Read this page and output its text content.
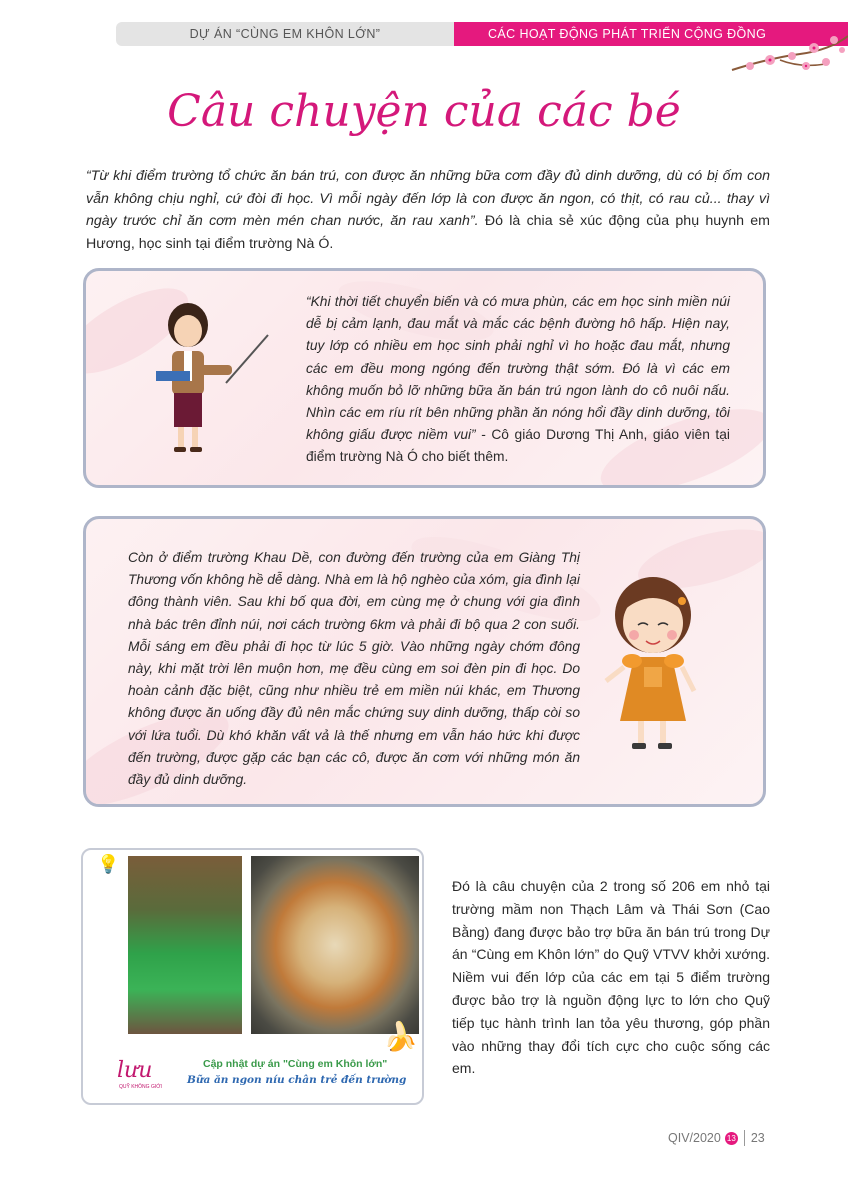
DỰ ÁN “CÙNG EM KHÔN LỚN”	CÁC HOẠT ĐỘNG PHÁT TRIỂN CỘNG ĐỒNG
Câu chuyện của các bé

“Từ khi điểm trường tổ chức ăn bán trú, con được ăn những bữa cơm đầy đủ dinh dưỡng, dù có bị ốm con vẫn không chịu nghỉ, cứ đòi đi học. Vì mỗi ngày đến lớp là con được ăn ngon, có thịt, có rau củ... thay vì ngày trước chỉ ăn cơm mèn mén chan nước, ăn rau xanh”. Đó là chia sẻ xúc động của phụ huynh em Hương, học sinh tại điểm trường Nà Ó.

“Khi thời tiết chuyển biến và có mưa phùn, các em học sinh miền núi dễ bị cảm lạnh, đau mắt và mắc các bệnh đường hô hấp. Hiện nay, tuy lớp có nhiều em học sinh phải nghỉ vì ho hoặc đau mắt, nhưng các em đều mong ngóng đến trường thật sớm. Đó là vì các em không muốn bỏ lỡ những bữa ăn bán trú ngon lành do cô nuôi nấu. Nhìn các em ríu rít bên những phần ăn nóng hổi đầy dinh dưỡng, tôi không giấu được niềm vui” - Cô giáo Dương Thị Anh, giáo viên tại điểm trường Nà Ó cho biết thêm.

Còn ở điểm trường Khau Dề, con đường đến trường của em Giàng Thị Thương vốn không hề dễ dàng. Nhà em là hộ nghèo của xóm, gia đình lại đông thành viên. Sau khi bố qua đời, em cùng mẹ ở chung với gia đình nhà bác trên đỉnh núi, nơi cách trường 6km và phải đi bộ qua 2 con suối. Mỗi sáng em đều phải đi học từ lúc 5 giờ. Vào những ngày chớm đông này, khi mặt trời lên muộn hơn, mẹ đều cùng em soi đèn pin đi học. Do hoàn cảnh đặc biệt, cũng như nhiều trẻ em miền núi khác, em Thương không được ăn uống đầy đủ nên mắc chứng suy dinh dưỡng, thấp còi so với lứa tuổi. Dù khó khăn vất vả là thế nhưng em vẫn háo hức khi được đến trường, được gặp các bạn các cô, được ăn cơm với những món ăn đầy đủ dinh dưỡng.

💡
🍌
lưu
QUỸ KHÔNG GIỚI
Cập nhật dự án "Cùng em Khôn lớn"
Bữa ăn ngon níu chân trẻ đến trường

Đó là câu chuyện của 2 trong số 206 em nhỏ tại trường mầm non Thạch Lâm và Thái Sơn (Cao Bằng) đang được bảo trợ bữa ăn bán trú trong Dự án “Cùng em Khôn lớn” do Quỹ VTVV khởi xướng. Niềm vui đến lớp của các em tại 5 điểm trường được bảo trợ là nguồn động lực to lớn cho Quỹ tiếp tục hành trình lan tỏa yêu thương, góp phần vào những thay đổi tích cực cho cuộc sống các em.

QIV/2020 13 23
